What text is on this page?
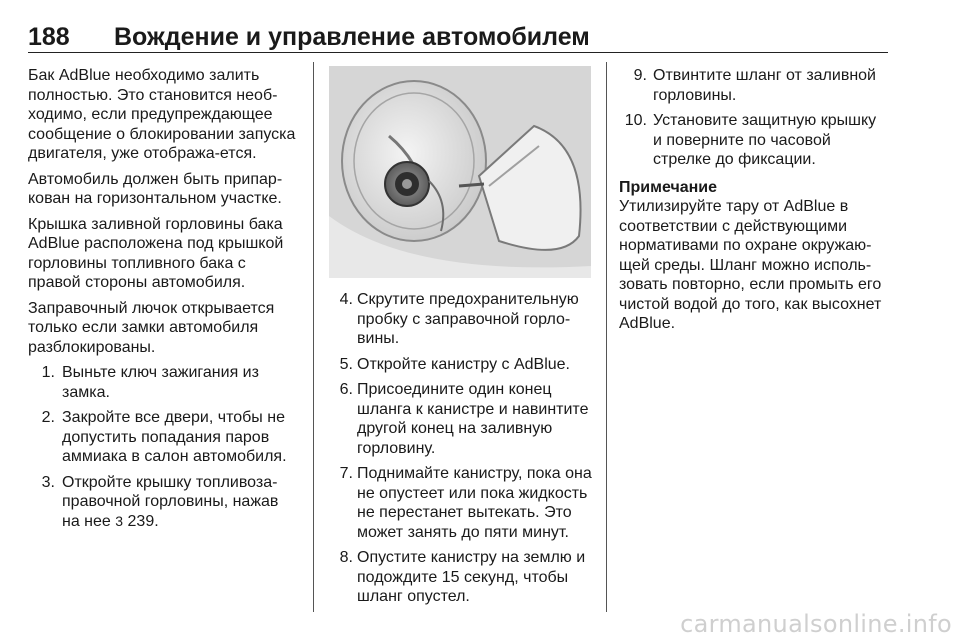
188	Вождение и управление автомобилем

Бак AdBlue необходимо залить полностью. Это становится необ-ходимо, если предупреждающее сообщение о блокировании запуска двигателя, уже отобража-ется.

Автомобиль должен быть припар-кован на горизонтальном участке.

Крышка заливной горловины бака AdBlue расположена под крышкой горловины топливного бака с правой стороны автомобиля.

Заправочный лючок открывается только если замки автомобиля разблокированы.

1. Выньте ключ зажигания из замка.
2. Закройте все двери, чтобы не допустить попадания паров аммиака в салон автомобиля.
3. Откройте крышку топливоза-правочной горловины, нажав на нее 3 239.
4. Скрутите предохранительную пробку с заправочной горло-вины.
5. Откройте канистру с AdBlue.
6. Присоедините один конец шланга к канистре и навинтите другой конец на заливную горловину.
7. Поднимайте канистру, пока она не опустеет или пока жидкость не перестанет вытекать. Это может занять до пяти минут.
8. Опустите канистру на землю и подождите 15 секунд, чтобы шланг опустел.
9. Отвинтите шланг от заливной горловины.
10. Установите защитную крышку и поверните по часовой стрелке до фиксации.
Примечание

Утилизируйте тару от AdBlue в соответствии с действующими нормативами по охране окружаю-щей среды. Шланг можно исполь-зовать повторно, если промыть его чистой водой до того, как высохнет AdBlue.

carmanualsonline.info
